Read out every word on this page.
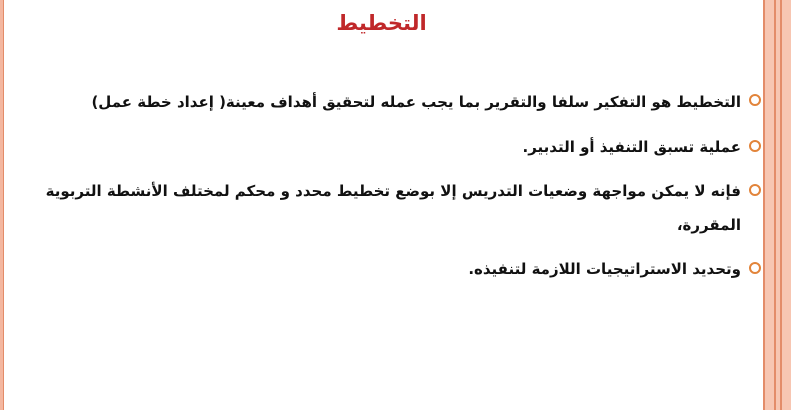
التخطيط
التخطيط هو التفكير سلفا والتقرير بما يجب عمله لتحقيق أهداف معينة( إعداد خطة عمل)
عملية تسبق التنفيذ أو التدبير.
فإنه لا يمكن مواجهة وضعيات التدريس إلا بوضع تخطيط محدد و محكم لمختلف الأنشطة التربوية المقررة،
وتحديد الاستراتيجيات اللازمة لتنفيذه.
